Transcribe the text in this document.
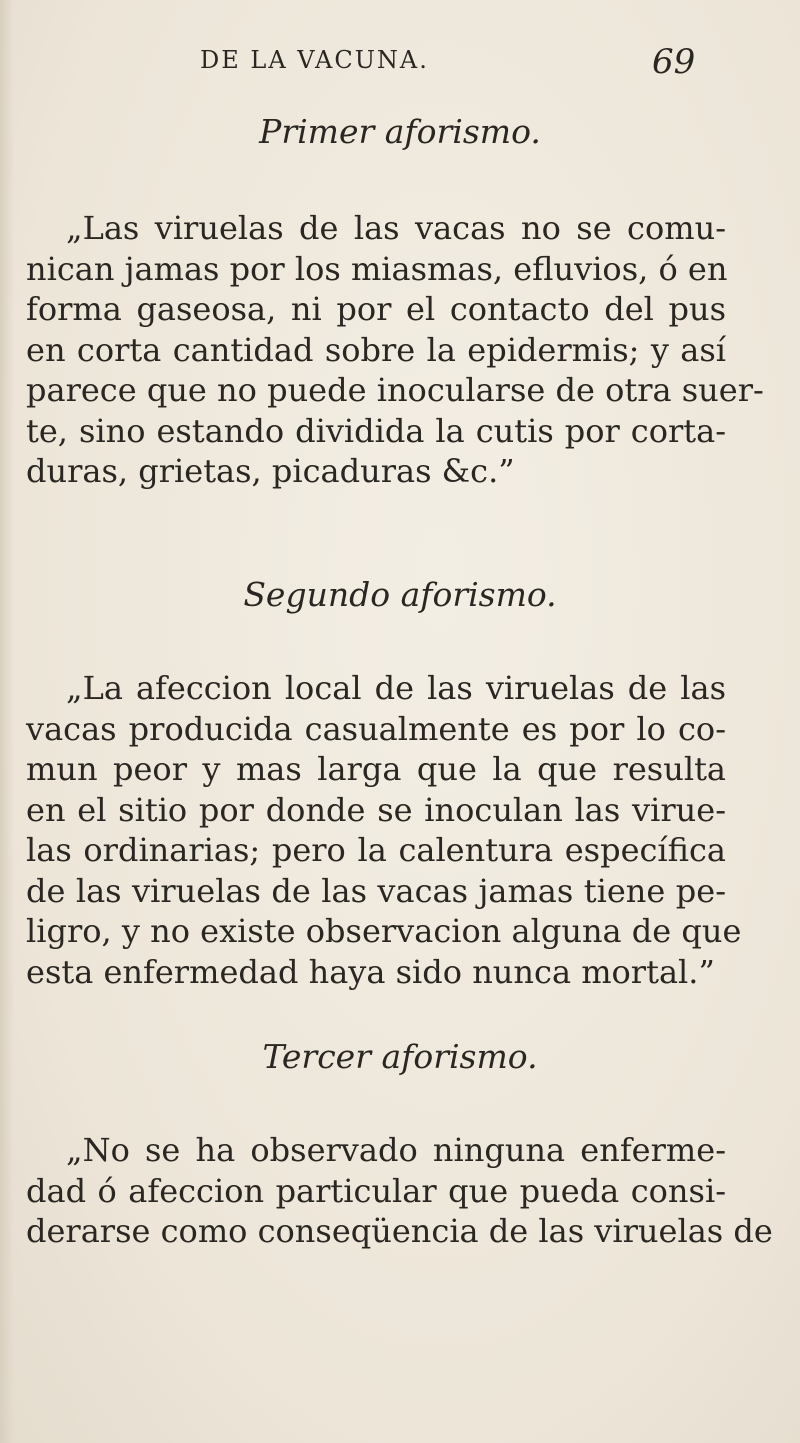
DE LA VACUNA.	69
Primer aforismo.
„Las viruelas de las vacas no se comu-
nican jamas por los miasmas, efluvios, ó en
forma gaseosa, ni por el contacto del pus
en corta cantidad sobre la epidermis; y así
parece que no puede inocularse de otra suer-
te, sino estando dividida la cutis por corta-
duras, grietas, picaduras &c.”
Segundo aforismo.
„La afeccion local de las viruelas de las
vacas producida casualmente es por lo co-
mun peor y mas larga que la que resulta
en el sitio por donde se inoculan las virue-
las ordinarias; pero la calentura específica
de las viruelas de las vacas jamas tiene pe-
ligro, y no existe observacion alguna de que
esta enfermedad haya sido nunca mortal.”
Tercer aforismo.
„No se ha observado ninguna enferme-
dad ó afeccion particular que pueda consi-
derarse como conseqüencia de las viruelas de
